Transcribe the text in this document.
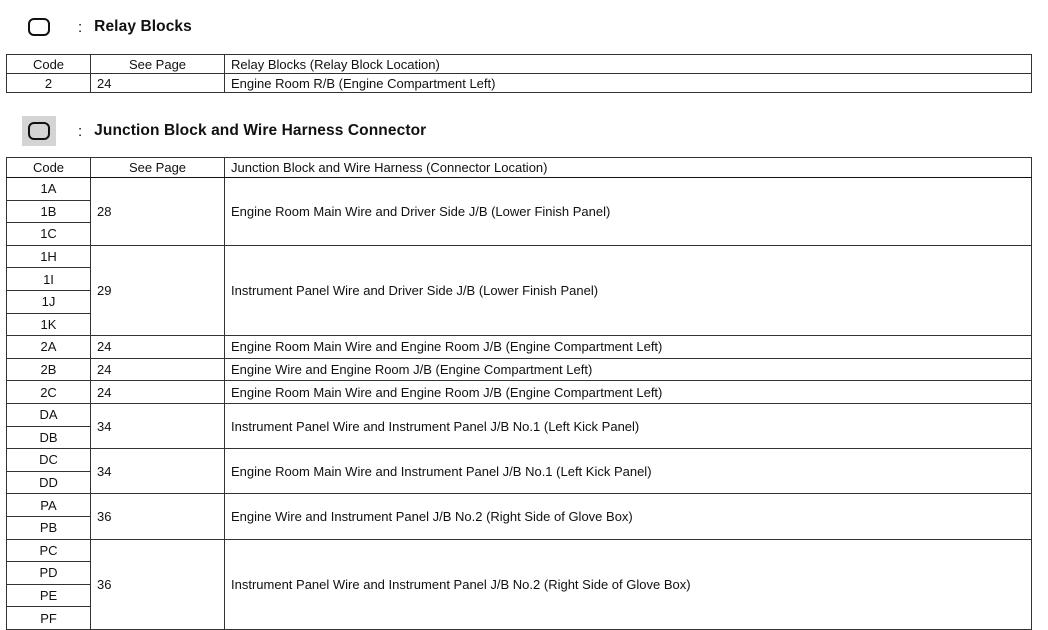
: Relay Blocks
Code	See Page	Relay Blocks (Relay Block Location)
2	24	Engine Room R/B (Engine Compartment Left)
: Junction Block and Wire Harness Connector
Code	See Page	Junction Block and Wire Harness (Connector Location)
1A	28	Engine Room Main Wire and Driver Side J/B (Lower Finish Panel)
1B		
1C		
1H	29	Instrument Panel Wire and Driver Side J/B (Lower Finish Panel)
1I		
1J		
1K		
2A	24	Engine Room Main Wire and Engine Room J/B (Engine Compartment Left)
2B	24	Engine Wire and Engine Room J/B (Engine Compartment Left)
2C	24	Engine Room Main Wire and Engine Room J/B (Engine Compartment Left)
DA	34	Instrument Panel Wire and Instrument Panel J/B No.1 (Left Kick Panel)
DB		
DC	34	Engine Room Main Wire and Instrument Panel J/B No.1 (Left Kick Panel)
DD		
PA	36	Engine Wire and Instrument Panel J/B No.2 (Right Side of Glove Box)
PB		
PC	36	Instrument Panel Wire and Instrument Panel J/B No.2 (Right Side of Glove Box)
PD		
PE		
PF		
